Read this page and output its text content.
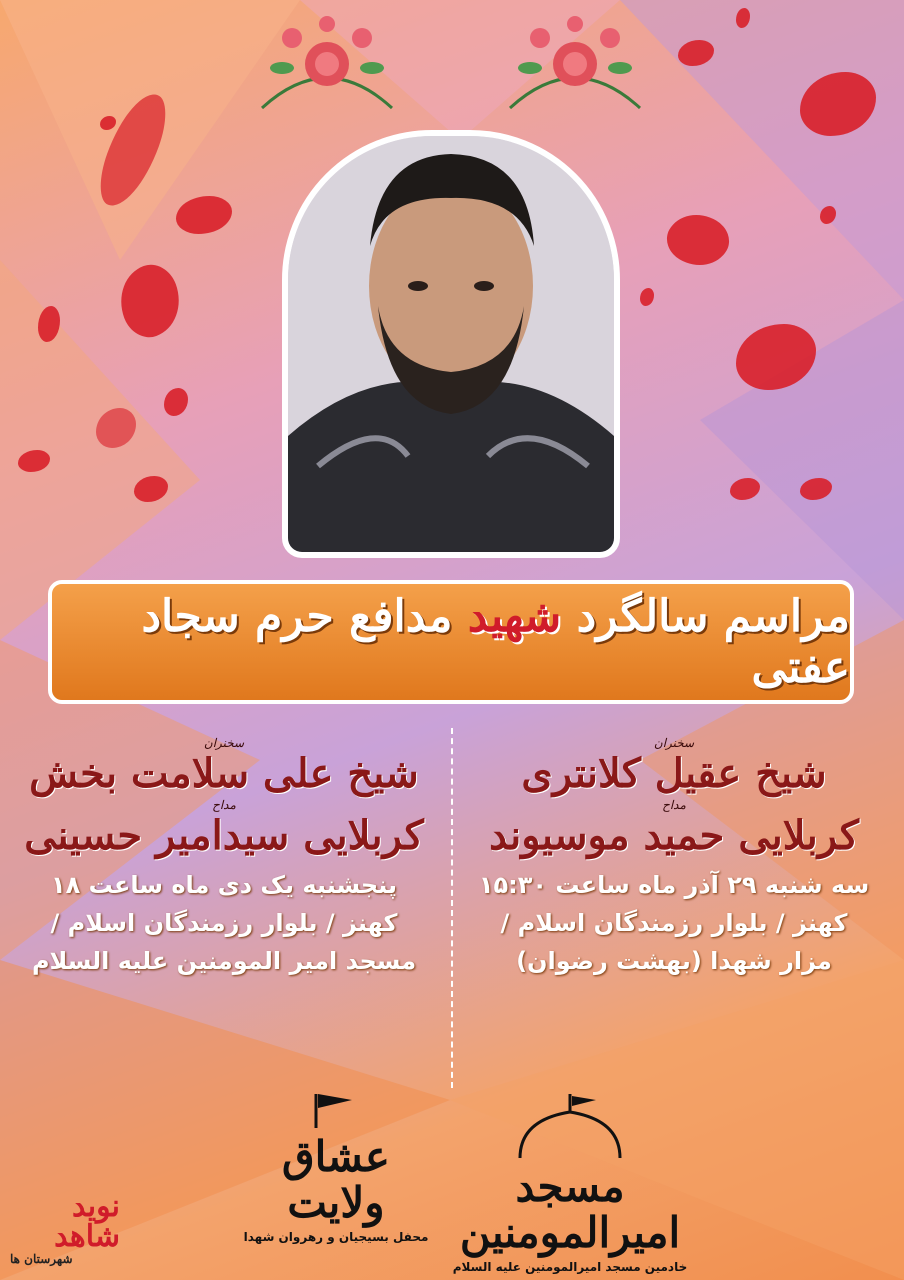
مراسم سالگرد شهید مدافع حرم سجاد عفتی
سخنران
شیخ عقیل کلانتری
مداح
کربلایی حمید موسیوند
سه شنبه ۲۹ آذر ماه ساعت ۱۵:۳۰
کهنز / بلوار رزمندگان اسلام /
مزار شهدا (بهشت رضوان)
سخنران
شیخ علی سلامت بخش
مداح
کربلایی سیدامیر حسینی
پنجشنبه یک دی ماه ساعت ۱۸
کهنز / بلوار رزمندگان اسلام /
مسجد امیر المومنین علیه السلام
مسجد امیرالمومنین
خادمین مسجد امیرالمومنین علیه السلام
عشاق ولایت
محفل بسیجیان و رهروان شهدا
نوید شاهد
شهرستان ها
